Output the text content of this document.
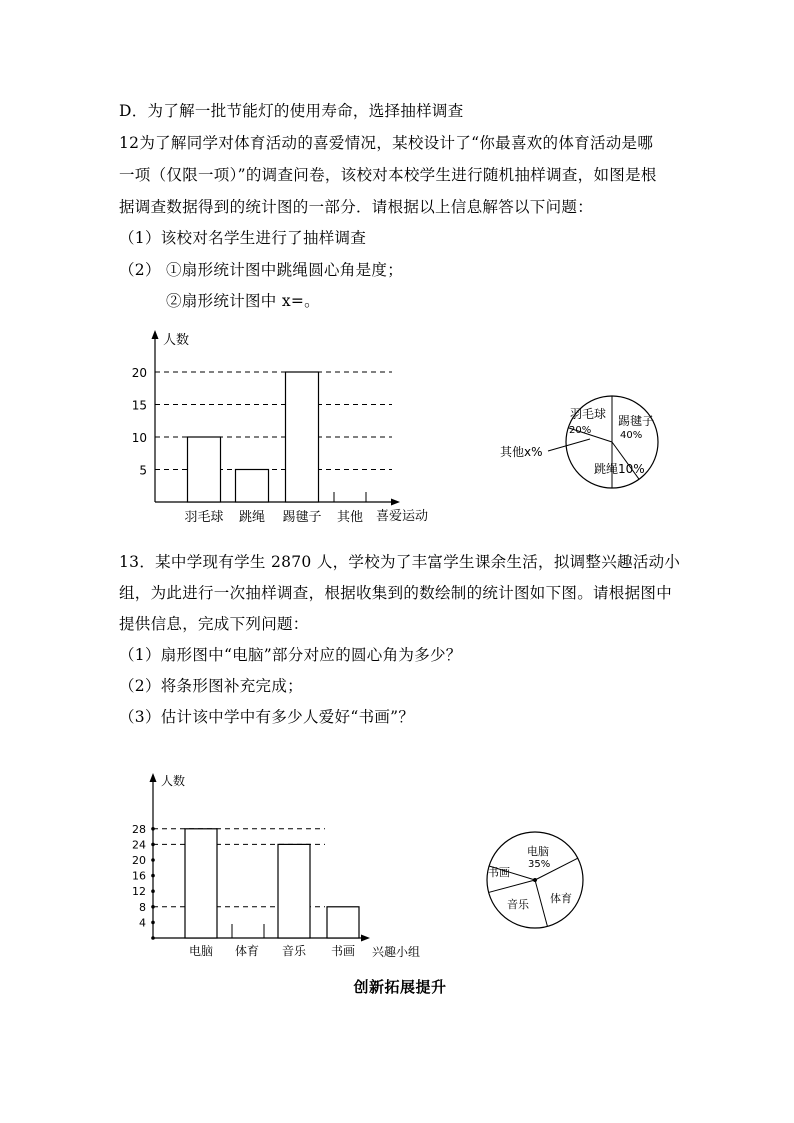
D．为了解一批节能灯的使用寿命，选择抽样调查
12为了解同学对体育活动的喜爱情况，某校设计了“你最喜欢的体育活动是哪
一项（仅限一项）”的调查问卷，该校对本校学生进行随机抽样调查，如图是根
据调查数据得到的统计图的一部分．请根据以上信息解答以下问题：
（1）该校对名学生进行了抽样调查
（2） ①扇形统计图中跳绳圆心角是度；
②扇形统计图中 x=。
5
10
15
20
人数
喜爱运动
羽毛球 跳绳 踢毽子 其他
羽毛球
20%
踢毽子
40%
跳绳10%
其他x%
13．某中学现有学生 2870 人，学校为了丰富学生课余生活，拟调整兴趣活动小
组，为此进行一次抽样调查，根据收集到的数绘制的统计图如下图。请根据图中
提供信息，完成下列问题：
（1）扇形图中“电脑”部分对应的圆心角为多少？
（2）将条形图补充完成；
（3）估计该中学中有多少人爱好“书画”？
4
8
12
16
20
24
28
人数
兴趣小组
电脑 体育 音乐 书画
电脑
35%
体育
音乐
书画
创新拓展提升
